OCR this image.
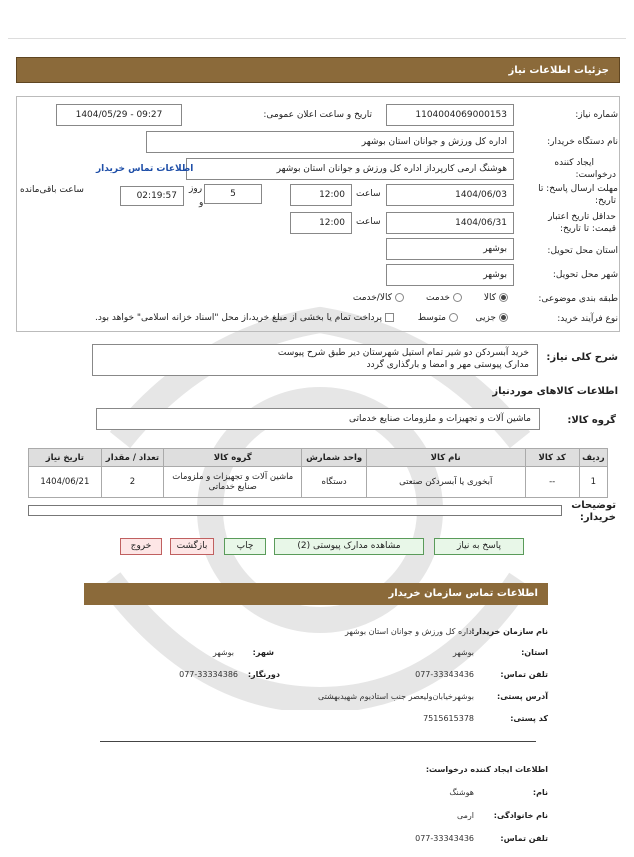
جزئیات اطلاعات نیاز
شماره نیاز:
1104004069000153
تاریخ و ساعت اعلان عمومی:
1404/05/29 - 09:27
نام دستگاه خریدار:
اداره کل ورزش و جوانان استان بوشهر
ایجاد کننده
درخواست:
هوشنگ ارمی کارپرداز اداره کل ورزش و جوانان استان بوشهر
اطلاعات تماس خریدار
مهلت ارسال پاسخ: تا
تاریخ:
1404/06/03
ساعت
12:00
5
روز
و
02:19:57
ساعت باقی‌مانده
حداقل تاریخ اعتبار
قیمت: تا تاریخ:
1404/06/31
ساعت
12:00
استان محل تحویل:
بوشهر
شهر محل تحویل:
بوشهر
طبقه بندی موضوعی:
کالا
خدمت
کالا/خدمت
نوع فرآیند خرید:
جزیی
متوسط
پرداخت تمام یا بخشی از مبلغ خرید،از محل "اسناد خزانه اسلامی" خواهد بود.
شرح کلی نیاز:
خرید آبسردکن دو شیر تمام استیل شهرستان دیر طبق شرح پیوست
مدارک پیوستی مهر و امضا و بارگذاری گردد
اطلاعات کالاهای موردنیاز
گروه کالا:
ماشین آلات و تجهیزات و ملزومات صنایع خدماتی
ردیف	کد کالا	نام کالا	واحد شمارش	گروه کالا	تعداد / مقدار	تاریخ نیاز
1	--	آبخوری یا آبسردکن صنعتی	دستگاه	ماشین آلات و تجهیزات و ملزومات صنایع خدماتی	2	1404/06/21
توضیحات خریدار:
پاسخ به نیاز
مشاهده مدارک پیوستی (2)
چاپ
بازگشت
خروج
اطلاعات تماس سازمان خریدار
نام سازمان خریدار:
اداره کل ورزش و جوانان استان بوشهر
استان:
بوشهر
شهر:
بوشهر
تلفن تماس:
077-33343436
دورنگار:
077-33334386
آدرس پستی:
بوشهرخیابان‌ولیعصر جنب استادیوم شهیدبهشتی
کد پستی:
7515615378
اطلاعات ایجاد کننده درخواست:
نام:
هوشنگ
نام خانوادگی:
ارمی
تلفن تماس:
077-33343436
